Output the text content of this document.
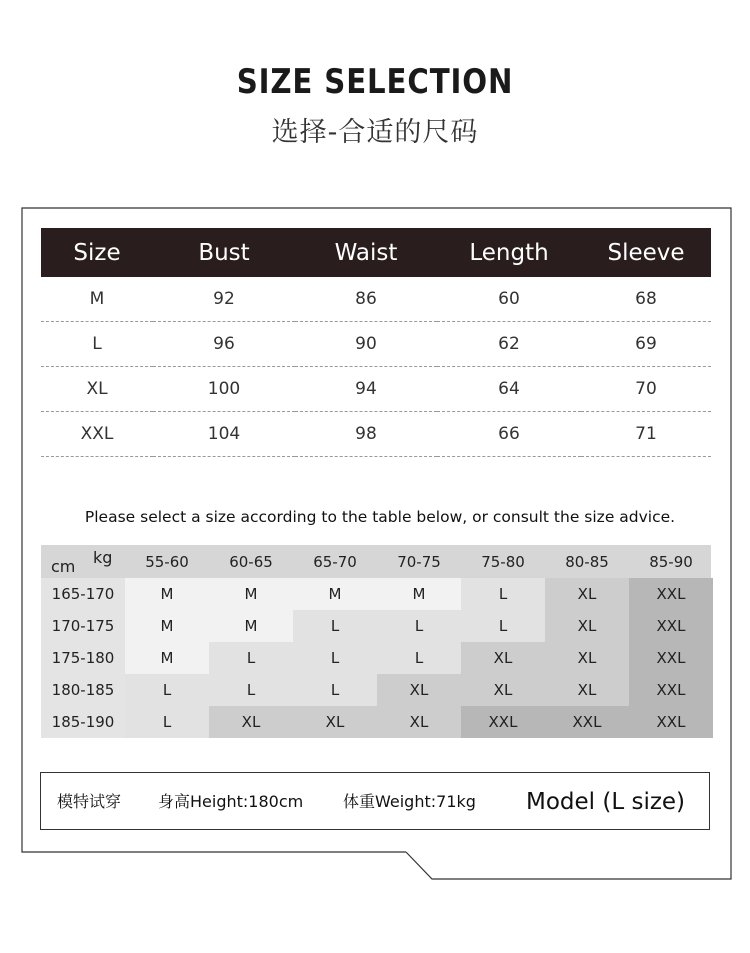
SIZE SELECTION
选择-合适的尺码
Size	Bust	Waist	Length	Sleeve
M	92	86	60	68
L	96	90	62	69
XL	100	94	64	70
XXL	104	98	66	71
Please select a size according to the table below, or consult the size advice.
kg
cm	55-60	60-65	65-70	70-75	75-80	80-85	85-90
165-170	M	M	M	M	L	XL	XXL
170-175	M	M	L	L	L	XL	XXL
175-180	M	L	L	L	XL	XL	XXL
180-185	L	L	L	XL	XL	XL	XXL
185-190	L	XL	XL	XL	XXL	XXL	XXL
模特试穿 身高Height:180cm 体重Weight:71kg Model (L size)
